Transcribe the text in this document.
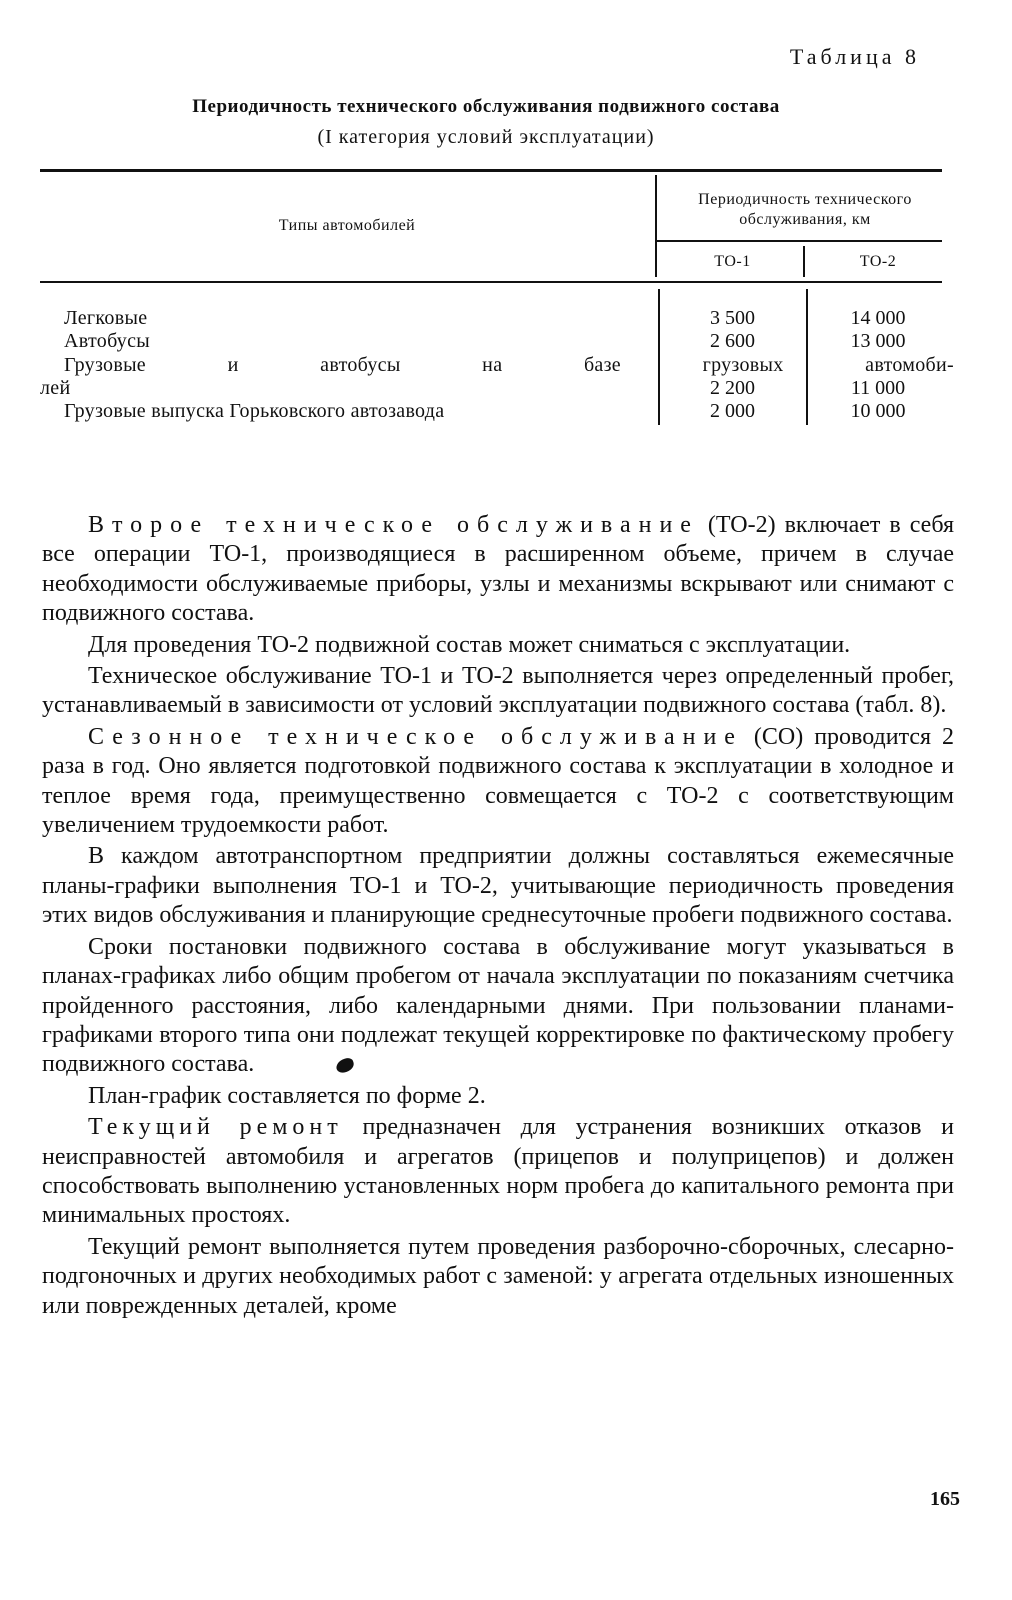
Таблица 8
Периодичность технического обслуживания подвижного состава
(I категория условий эксплуатации)
Типы автомобилей
Периодичность технического обслуживания, км
ТО-1	ТО-2
Легковые	3 500	14 000
Автобусы	2 600	13 000
Грузовые и автобусы на базе грузовых автомоби-
лей	2 200	11 000
Грузовые выпуска Горьковского автозавода	2 000	10 000

Второе техническое обслуживание (ТО-2) включает в себя все операции ТО-1, производящиеся в расширенном объеме, причем в случае необходимости обслуживаемые приборы, узлы и механизмы вскрывают или снимают с подвижного состава.

Для проведения ТО-2 подвижной состав может сниматься с эксплуатации.

Техническое обслуживание ТО-1 и ТО-2 выполняется через определенный пробег, устанавливаемый в зависимости от условий эксплуатации подвижного состава (табл. 8).

Сезонное техническое обслуживание (СО) проводится 2 раза в год. Оно является подготовкой подвижного состава к эксплуатации в холодное и теплое время года, преимущественно совмещается с ТО-2 с соответствующим увеличением трудоемкости работ.

В каждом автотранспортном предприятии должны составляться ежемесячные планы-графики выполнения ТО-1 и ТО-2, учитывающие периодичность проведения этих видов обслуживания и планирующие среднесуточные пробеги подвижного состава.

Сроки постановки подвижного состава в обслуживание могут указываться в планах-графиках либо общим пробегом от начала эксплуатации по показаниям счетчика пройденного расстояния, либо календарными днями. При пользовании планами-графиками второго типа они подлежат текущей корректировке по фактическому пробегу подвижного состава.

План-график составляется по форме 2.

Текущий ремонт предназначен для устранения возникших отказов и неисправностей автомобиля и агрегатов (прицепов и полуприцепов) и должен способствовать выполнению установленных норм пробега до капитального ремонта при минимальных простоях.

Текущий ремонт выполняется путем проведения разборочно-сборочных, слесарно-подгоночных и других необходимых работ с заменой: у агрегата отдельных изношенных или поврежденных деталей, кроме

165
